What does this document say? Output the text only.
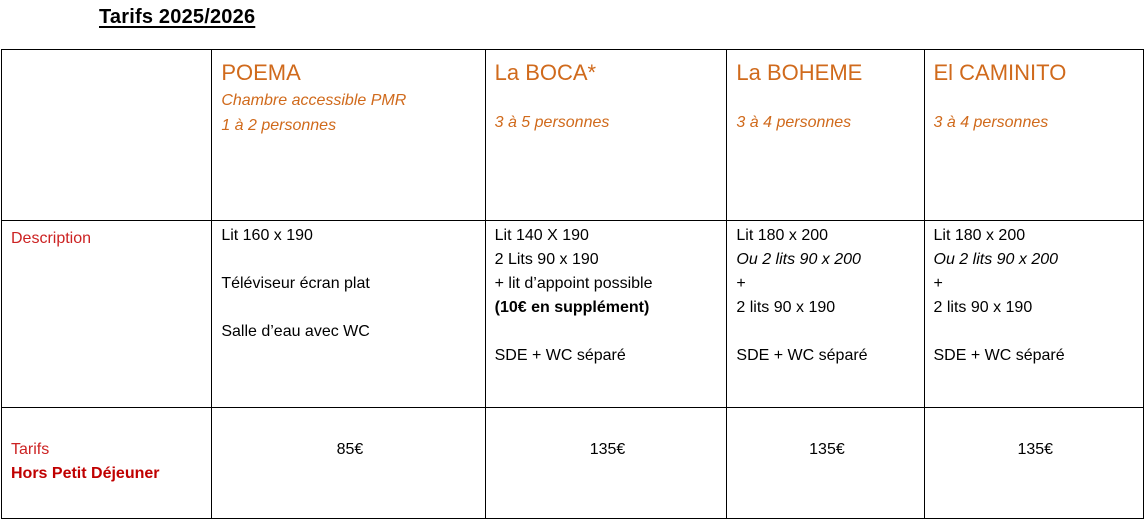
Tarifs 2025/2026

	POEMA
Chambre accessible PMR
1 à 2 personnes	La BOCA*
3 à 5 personnes	La BOHEME
3 à 4 personnes	El CAMINITO
3 à 4 personnes

Description	Lit 160 x 190
Téléviseur écran plat
Salle d’eau avec WC	Lit 140 X 190
2 Lits 90 x 190
+ lit d’appoint possible
(10€ en supplément)
SDE + WC séparé	Lit 180 x 200
Ou 2 lits 90 x 200
+
2 lits 90 x 190
SDE + WC séparé	Lit 180 x 200
Ou 2 lits 90 x 200
+
2 lits 90 x 190
SDE + WC séparé

Tarifs
Hors Petit Déjeuner	85€	135€	135€	135€
